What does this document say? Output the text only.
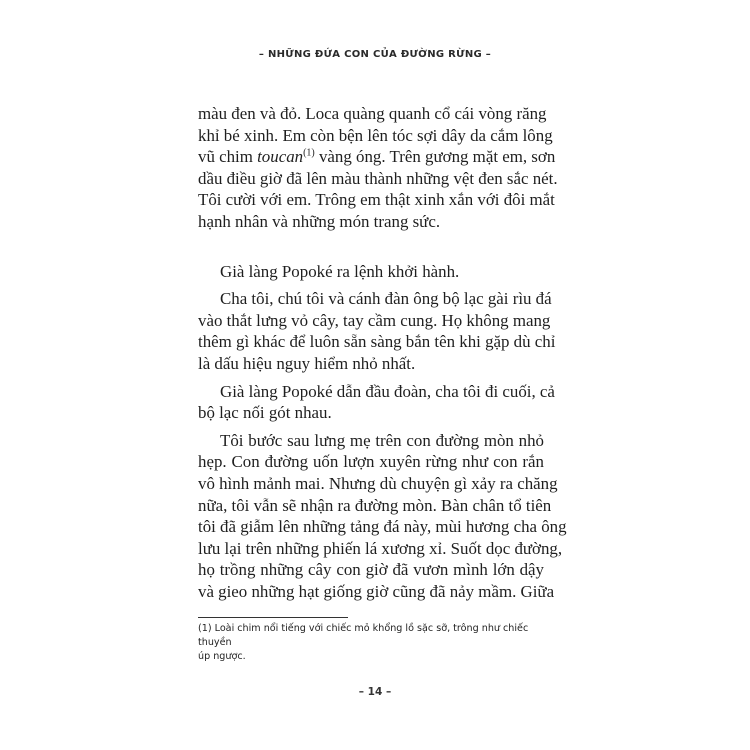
– NHỮNG ĐỨA CON CỦA ĐƯỜNG RỪNG –
màu đen và đỏ. Loca quàng quanh cổ cái vòng răng
khỉ bé xinh. Em còn bện lên tóc sợi dây da cắm lông
vũ chim toucan$^{(1)}$ vàng óng. Trên gương mặt em, sơn
dầu điều giờ đã lên màu thành những vệt đen sắc nét.
Tôi cười với em. Trông em thật xinh xắn với đôi mắt
hạnh nhân và những món trang sức.
Già làng Popoké ra lệnh khởi hành.
Cha tôi, chú tôi và cánh đàn ông bộ lạc gài rìu đá
vào thắt lưng vỏ cây, tay cầm cung. Họ không mang
thêm gì khác để luôn sẵn sàng bắn tên khi gặp dù chỉ
là dấu hiệu nguy hiểm nhỏ nhất.
Già làng Popoké dẫn đầu đoàn, cha tôi đi cuối, cả
bộ lạc nối gót nhau.
Tôi bước sau lưng mẹ trên con đường mòn nhỏ
hẹp. Con đường uốn lượn xuyên rừng như con rắn
vô hình mảnh mai. Nhưng dù chuyện gì xảy ra chăng
nữa, tôi vẫn sẽ nhận ra đường mòn. Bàn chân tổ tiên
tôi đã giẫm lên những tảng đá này, mùi hương cha ông
lưu lại trên những phiến lá xương xỉ. Suốt dọc đường,
họ trồng những cây con giờ đã vươn mình lớn dậy
và gieo những hạt giống giờ cũng đã nảy mầm. Giữa
(1) Loài chim nổi tiếng với chiếc mỏ khổng lồ sặc sỡ, trông như chiếc thuyền
úp ngược.
– 14 –
